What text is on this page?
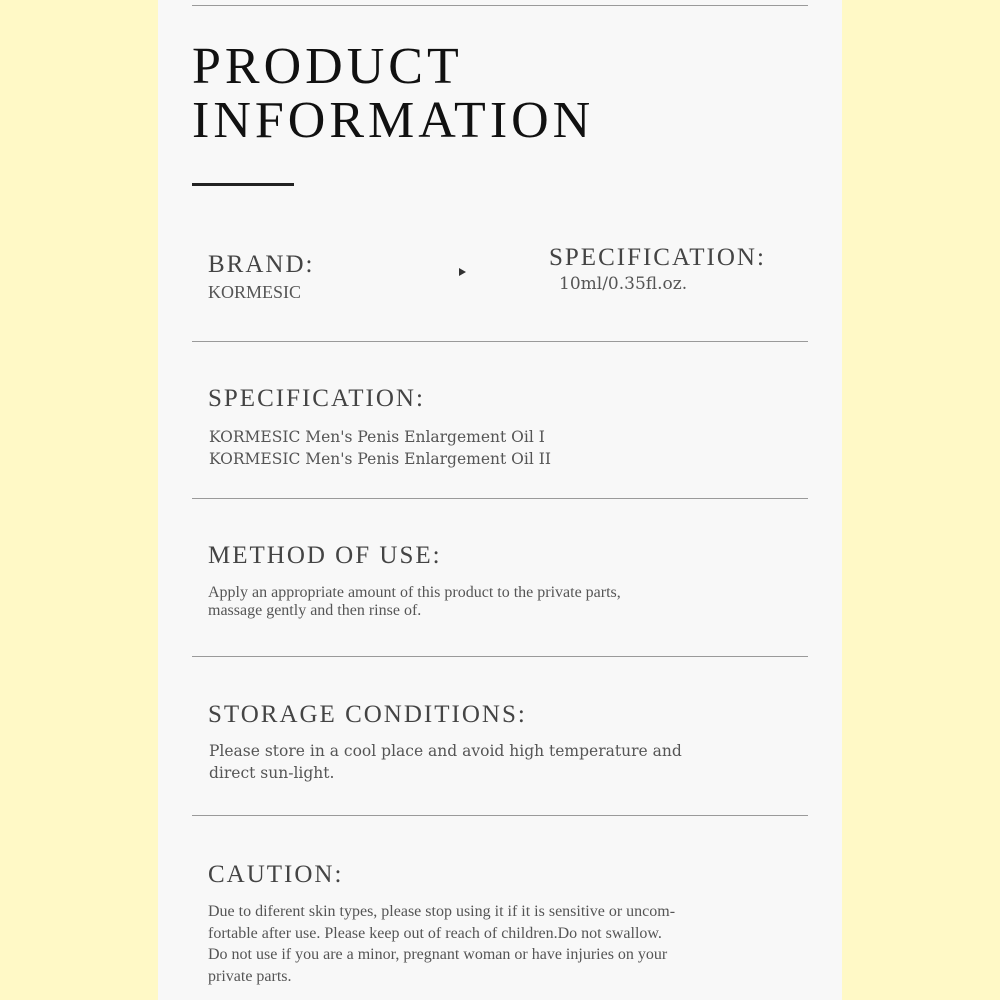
PRODUCT
INFORMATION
BRAND:
KORMESIC
SPECIFICATION:
10ml/0.35fl.oz.
SPECIFICATION:
KORMESIC Men's Penis Enlargement Oil I
KORMESIC Men's Penis Enlargement Oil II
METHOD OF USE:
Apply an appropriate amount of this product to the private parts,
massage gently and then rinse of.
STORAGE CONDITIONS:
Please store in a cool place and avoid high temperature and
direct sun-light.
CAUTION:
Due to diferent skin types, please stop using it if it is sensitive or uncom-
fortable after use. Please keep out of reach of children.Do not swallow.
Do not use if you are a minor, pregnant woman or have injuries on your
private parts.
